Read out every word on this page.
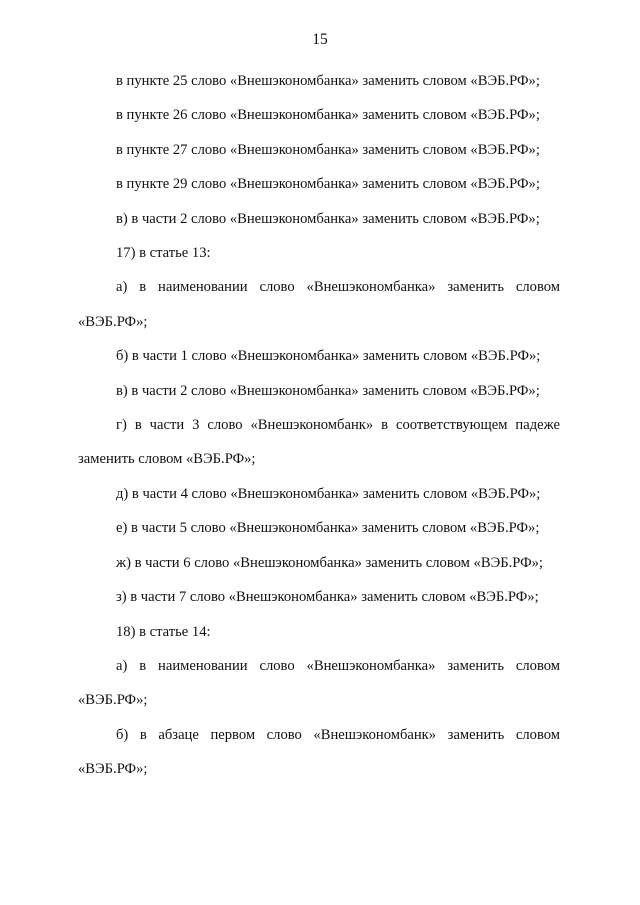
15

в пункте 25 слово «Внешэкономбанка» заменить словом «ВЭБ.РФ»;

в пункте 26 слово «Внешэкономбанка» заменить словом «ВЭБ.РФ»;

в пункте 27 слово «Внешэкономбанка» заменить словом «ВЭБ.РФ»;

в пункте 29 слово «Внешэкономбанка» заменить словом «ВЭБ.РФ»;

в) в части 2 слово «Внешэкономбанка» заменить словом «ВЭБ.РФ»;

17) в статье 13:

а) в наименовании слово «Внешэкономбанка» заменить словом «ВЭБ.РФ»;

б) в части 1 слово «Внешэкономбанка» заменить словом «ВЭБ.РФ»;

в) в части 2 слово «Внешэкономбанка» заменить словом «ВЭБ.РФ»;

г) в части 3 слово «Внешэкономбанк» в соответствующем падеже заменить словом «ВЭБ.РФ»;

д) в части 4 слово «Внешэкономбанка» заменить словом «ВЭБ.РФ»;

е) в части 5 слово «Внешэкономбанка» заменить словом «ВЭБ.РФ»;

ж) в части 6 слово «Внешэкономбанка» заменить словом «ВЭБ.РФ»;

з) в части 7 слово «Внешэкономбанка» заменить словом «ВЭБ.РФ»;

18) в статье 14:

а) в наименовании слово «Внешэкономбанка» заменить словом «ВЭБ.РФ»;

б) в абзаце первом слово «Внешэкономбанк» заменить словом «ВЭБ.РФ»;
